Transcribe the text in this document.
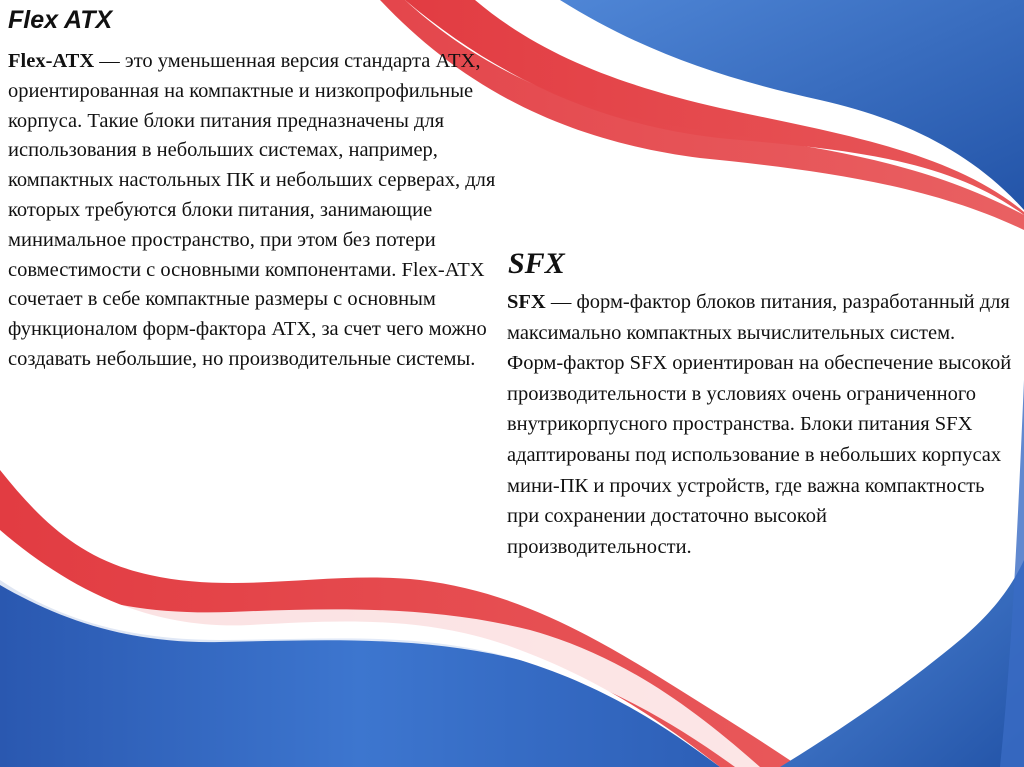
Flex ATX

Flex-ATX — это уменьшенная версия стандарта ATX, ориентированная на компактные и низкопрофильные корпуса. Такие блоки питания предназначены для использования в небольших системах, например, компактных настольных ПК и небольших серверах, для которых требуются блоки питания, занимающие минимальное пространство, при этом без потери совместимости с основными компонентами. Flex-ATX сочетает в себе компактные размеры с основным функционалом форм-фактора ATX, за счет чего можно создавать небольшие, но производительные системы.

SFX

SFX — форм-фактор блоков питания, разработанный для максимально компактных вычислительных систем. Форм-фактор SFX ориентирован на обеспечение высокой производительности в условиях очень ограниченного внутрикорпусного пространства. Блоки питания SFX адаптированы под использование в небольших корпусах мини-ПК и прочих устройств, где важна компактность при сохранении достаточно высокой производительности.
